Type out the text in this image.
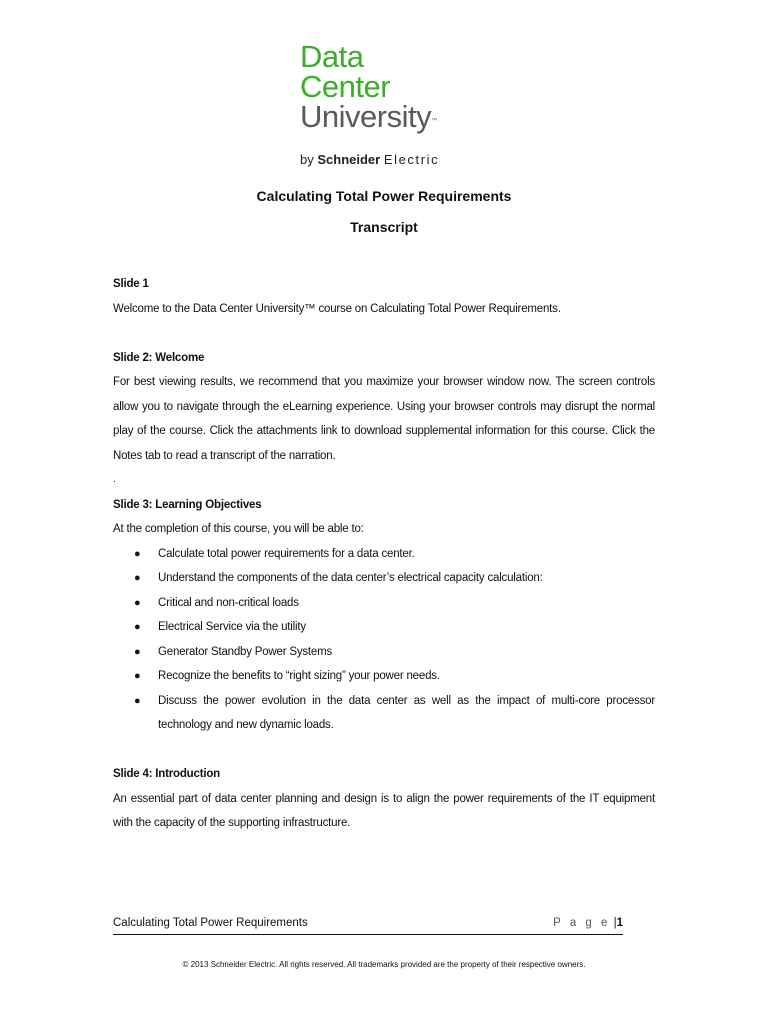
Data
Center
University™
by Schneider Electric
Calculating Total Power Requirements
Transcript

Slide 1

Welcome to the Data Center University™ course on Calculating Total Power Requirements.

Slide 2: Welcome

For best viewing results, we recommend that you maximize your browser window now. The screen controls allow you to navigate through the eLearning experience. Using your browser controls may disrupt the normal play of the course. Click the attachments link to download supplemental information for this course. Click the Notes tab to read a transcript of the narration.

.

Slide 3: Learning Objectives

At the completion of this course, you will be able to:

● Calculate total power requirements for a data center.
● Understand the components of the data center’s electrical capacity calculation:
● Critical and non-critical loads
● Electrical Service via the utility
● Generator Standby Power Systems
● Recognize the benefits to “right sizing” your power needs.
● Discuss the power evolution in the data center as well as the impact of multi-core processor technology and new dynamic loads.

Slide 4: Introduction

An essential part of data center planning and design is to align the power requirements of the IT equipment with the capacity of the supporting infrastructure.

Calculating Total Power Requirements	P a g e |1
© 2013 Schneider Electric. All rights reserved. All trademarks provided are the property of their respective owners.
